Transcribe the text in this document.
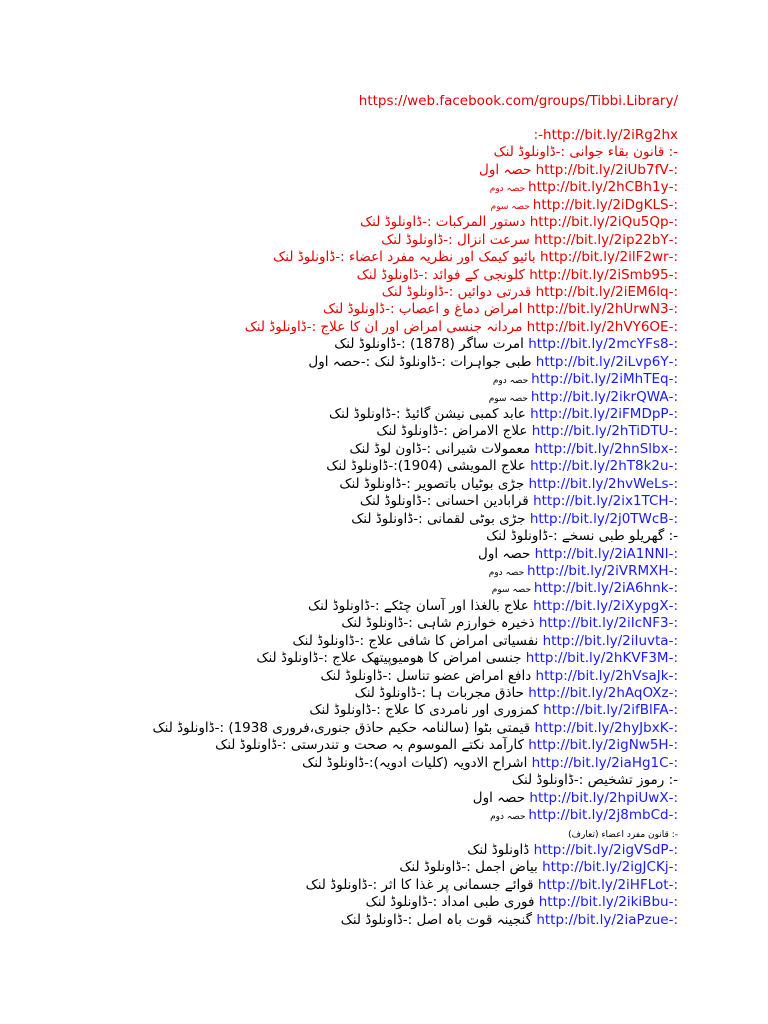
https://web.facebook.com/groups/Tibbi.Library/
:-http://bit.ly/2iRg2hx
-: قانون بقاء جوانی :-ڈاونلوڈ لنک
:-http://bit.ly/2iUb7fV حصہ اول
:-http://bit.ly/2hCBh1y حصہ دوم
:-http://bit.ly/2iDgKLS حصہ سوم
:-http://bit.ly/2iQu5Qp دستور المرکبات :-ڈاونلوڈ لنک
:-http://bit.ly/2ip22bY سرعت انزال :-ڈاونلوڈ لنک
:-http://bit.ly/2ilF2wr بائیو کیمک اور نظریہ مفرد اعضاء :-ڈاونلوڈ لنک
:-http://bit.ly/2iSmb95 کلونجی کے فوائد :-ڈاونلوڈ لنک
:-http://bit.ly/2iEM6lq قدرتی دوائیں :-ڈاونلوڈ لنک
:-http://bit.ly/2hUrwN3 امراض دماغ و اعصاب :-ڈاونلوڈ لنک
:-http://bit.ly/2hVY6OE مردانہ جنسی امراض اور ان کا علاج :-ڈاونلوڈ لنک
:-http://bit.ly/2mcYFs8 امرت ساگر (1878) :-ڈاونلوڈ لنک
:-http://bit.ly/2iLvp6Y طبی جواہرات :-ڈاونلوڈ لنک :-حصہ اول
:-http://bit.ly/2iMhTEq حصہ دوم
:-http://bit.ly/2ikrQWA حصہ سوم
:-http://bit.ly/2iFMDpP عابد کمبی نیشن گائیڈ :-ڈاونلوڈ لنک
:-http://bit.ly/2hTiDTU علاج الامراض :-ڈاونلوڈ لنک
:-http://bit.ly/2hnSlbx معمولات شیرانی :-ڈاون لوڈ لنک
:-http://bit.ly/2hT8k2u علاج المویشی (1904):-ڈاونلوڈ لنک
:-http://bit.ly/2hvWeLs جڑی بوٹیاں باتصویر :-ڈاونلوڈ لنک
:-http://bit.ly/2ix1TCH قرابادین احسانی :-ڈاونلوڈ لنک
:-http://bit.ly/2j0TWcB جڑی بوٹی لقمانی :-ڈاونلوڈ لنک
-: گھریلو طبی نسخے :-ڈاونلوڈ لنک
:-http://bit.ly/2iA1NNI حصہ اول
:-http://bit.ly/2iVRMXH حصہ دوم
:-http://bit.ly/2iA6hnk حصہ سوم
:-http://bit.ly/2iXypgX علاج بالغذا اور آسان چٹکے :-ڈاونلوڈ لنک
:-http://bit.ly/2iIcNF3 ذخیرہ خوارزم شاہی :-ڈاونلوڈ لنک
:-http://bit.ly/2iIuvta نفسیاتی امراض کا شافی علاج :-ڈاونلوڈ لنک
:-http://bit.ly/2hKVF3M جنسی امراض کا ھومیوپیتھک علاج :-ڈاونلوڈ لنک
:-http://bit.ly/2hVsaJk دافع امراض عضو تناسل :-ڈاونلوڈ لنک
:-http://bit.ly/2hAqOXz حاذق مجربات ہا :-ڈاونلوڈ لنک
:-http://bit.ly/2ifBlFA کمزوری اور نامردی کا علاج :-ڈاونلوڈ لنک
:-http://bit.ly/2hyJbxK قیمتی بٹوا (سالنامہ حکیم حاذق جنوری،فروری 1938) :-ڈاونلوڈ لنک
:-http://bit.ly/2igNw5H کارآمد نکتے الموسوم بہ صحت و تندرستی :-ڈاونلوڈ لنک
:-http://bit.ly/2iaHg1C اشراح الادویہ (کلیات ادویہ):-ڈاونلوڈ لنک
-: رموز تشخیص :-ڈاونلوڈ لنک
:-http://bit.ly/2hpiUwX حصہ اول
:-http://bit.ly/2j8mbCd حصہ دوم
-: قانون مفرد اعضاء (تعارف)
:-http://bit.ly/2igVSdP ڈاونلوڈ لنک
:-http://bit.ly/2igJCKj بیاض اجمل :-ڈاونلوڈ لنک
:-http://bit.ly/2iHFLot قوائے جسمانی پر غذا کا اثر :-ڈاونلوڈ لنک
:-http://bit.ly/2ikiBbu فوری طبی امداد :-ڈاونلوڈ لنک
:-http://bit.ly/2iaPzue گنجینہ قوت باہ اصل :-ڈاونلوڈ لنک
